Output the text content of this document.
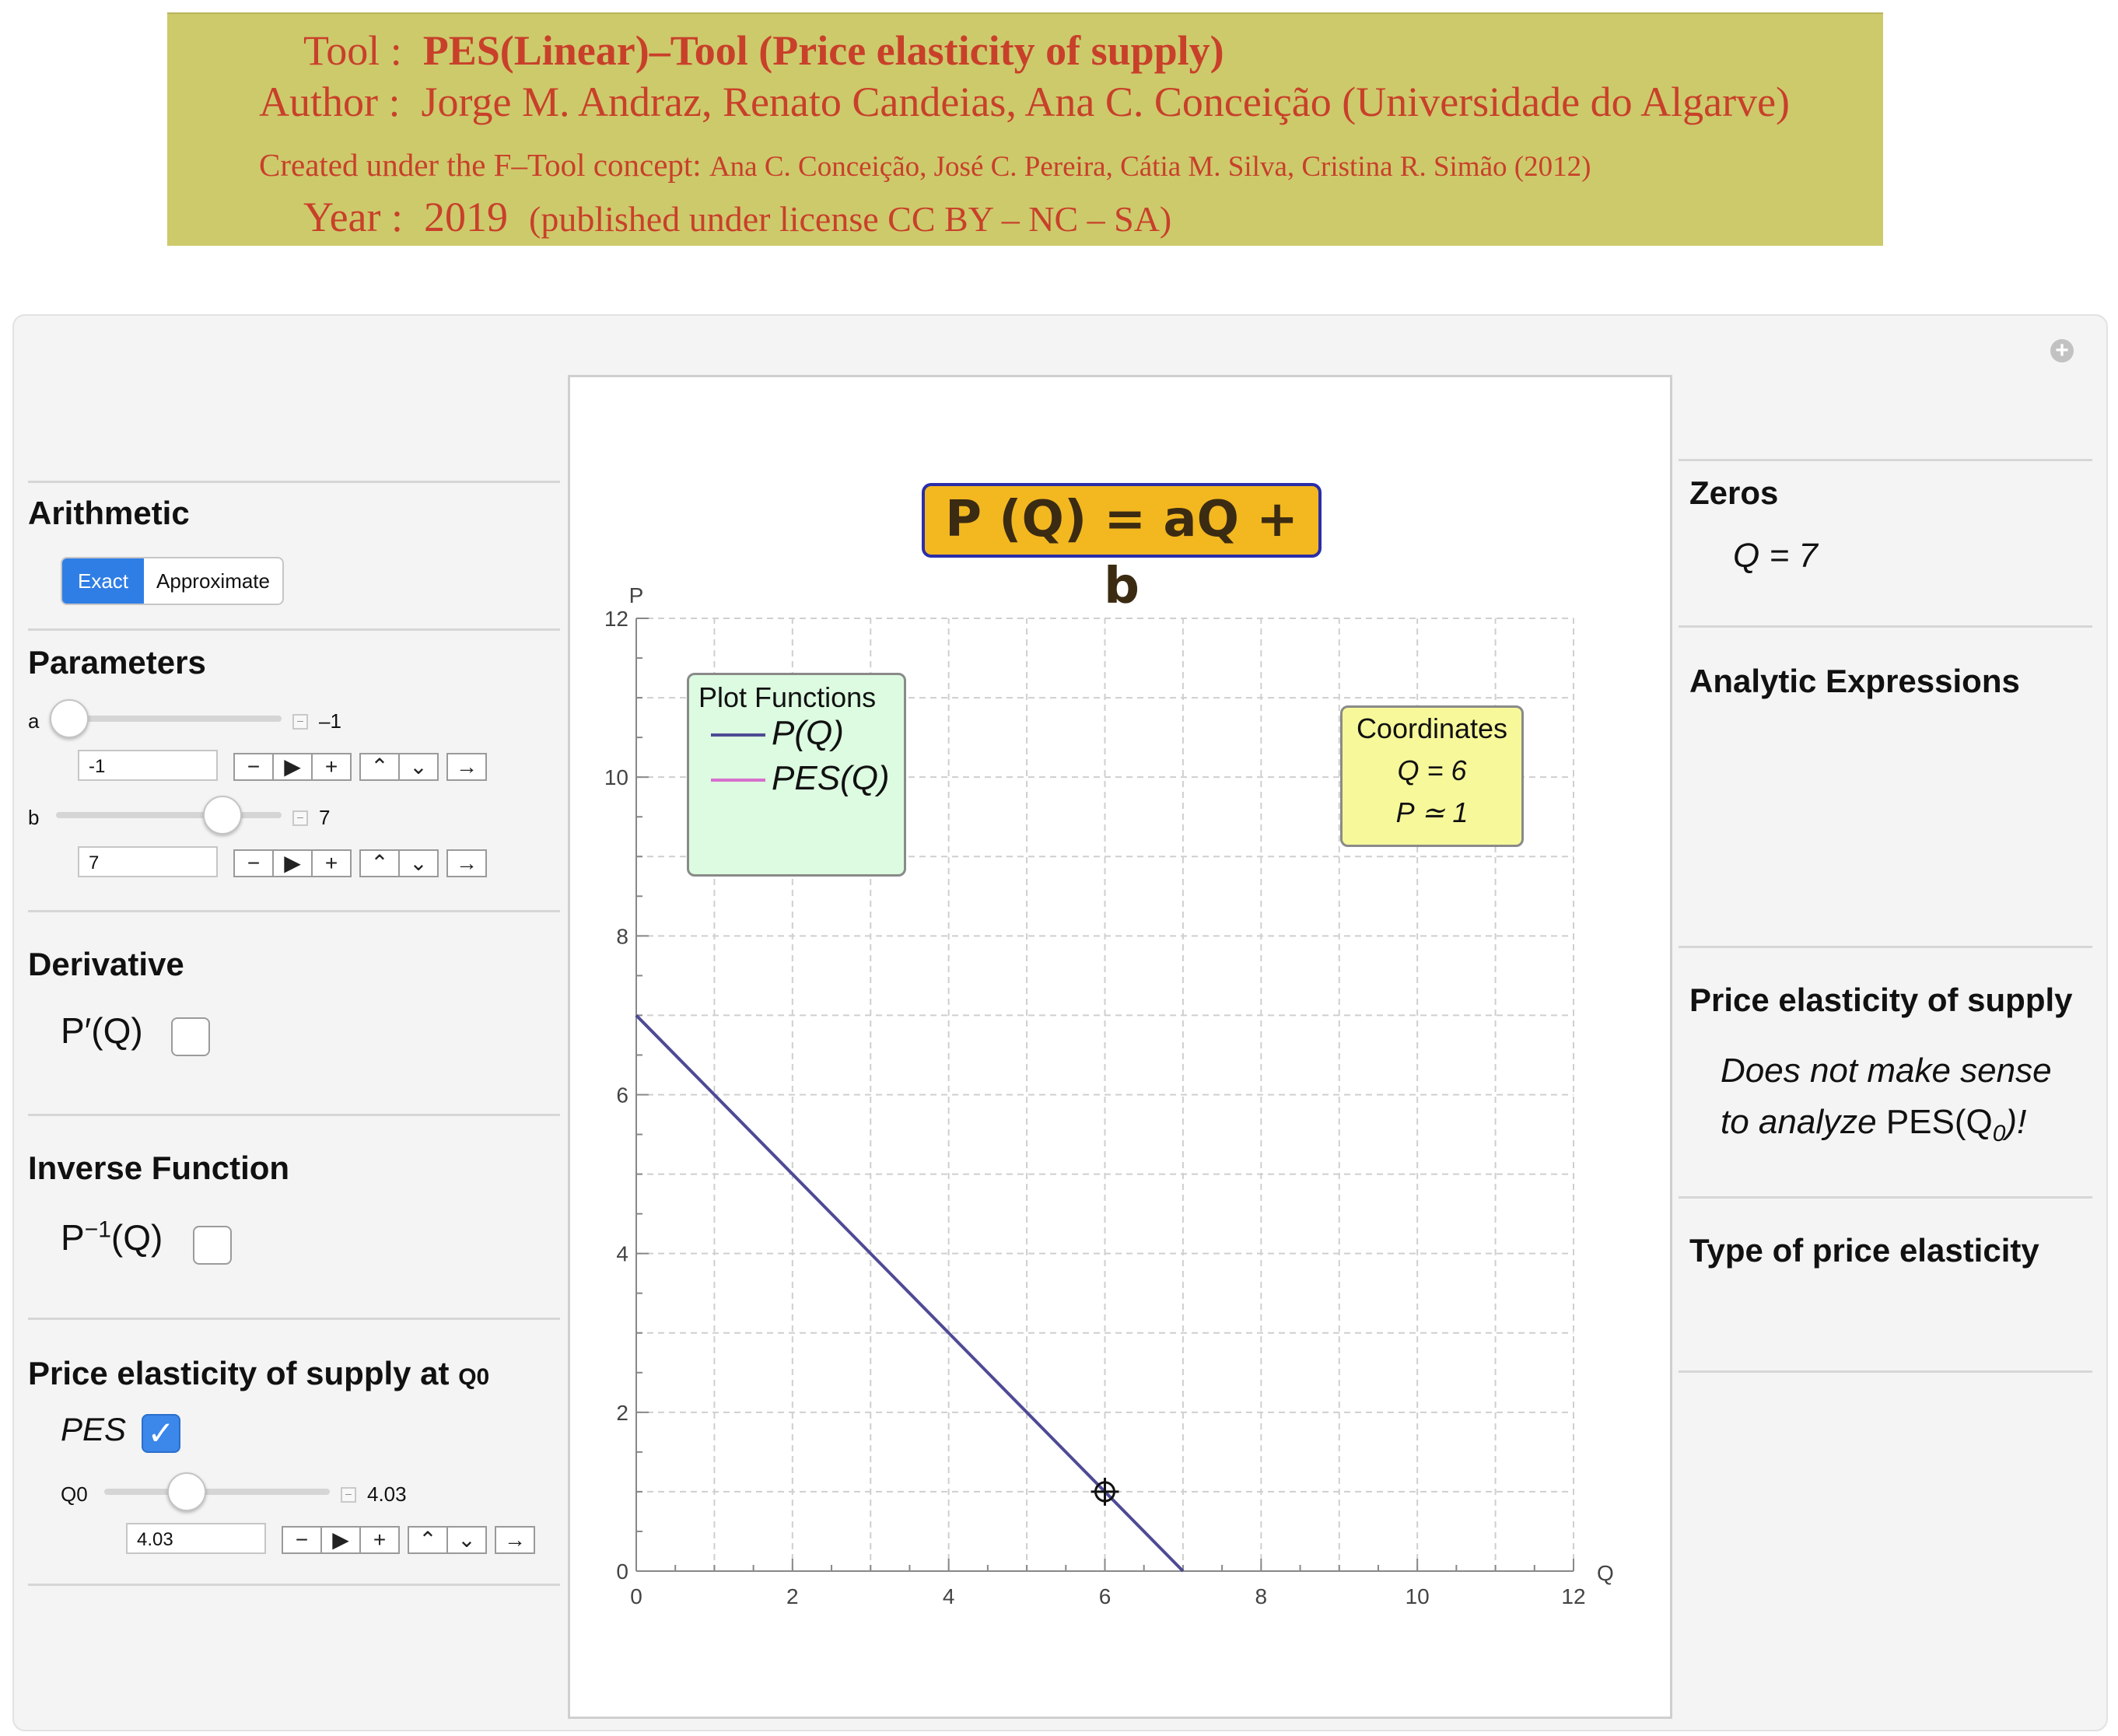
Tool : PES(Linear)–Tool (Price elasticity of supply)
Author : Jorge M. Andraz, Renato Candeias, Ana C. Conceição (Universidade do Algarve)
Created under the F–Tool concept: Ana C. Conceição, José C. Pereira, Cátia M. Silva, Cristina R. Simão (2012)
Year : 2019 (published under license CC BY – NC – SA)
+
Arithmetic
Exact	Approximate
Parameters
a	– –1
-1	−	▶	+	⌃ ⌄	→
b	– 7
7	−	▶	+	⌃ ⌄	→
Derivative
P′(Q)
Inverse Function
$P^{-1}(Q)$
Price elasticity of supply at Q0
PES ✓
Q0	– 4.03
4.03	−	▶	+	⌃ ⌄	→
0	2	4	6	8	10	12
0
2
4
6
8
10
12
Q
P
P (Q) = aQ + b
Plot Functions
P(Q)
PES(Q)
Coordinates
Q = 6
P ≃ 1
Zeros
Q = 7
Analytic Expressions
Price elasticity of supply
Does not make sense
to analyze $PES(Q_0)$!
Type of price elasticity
